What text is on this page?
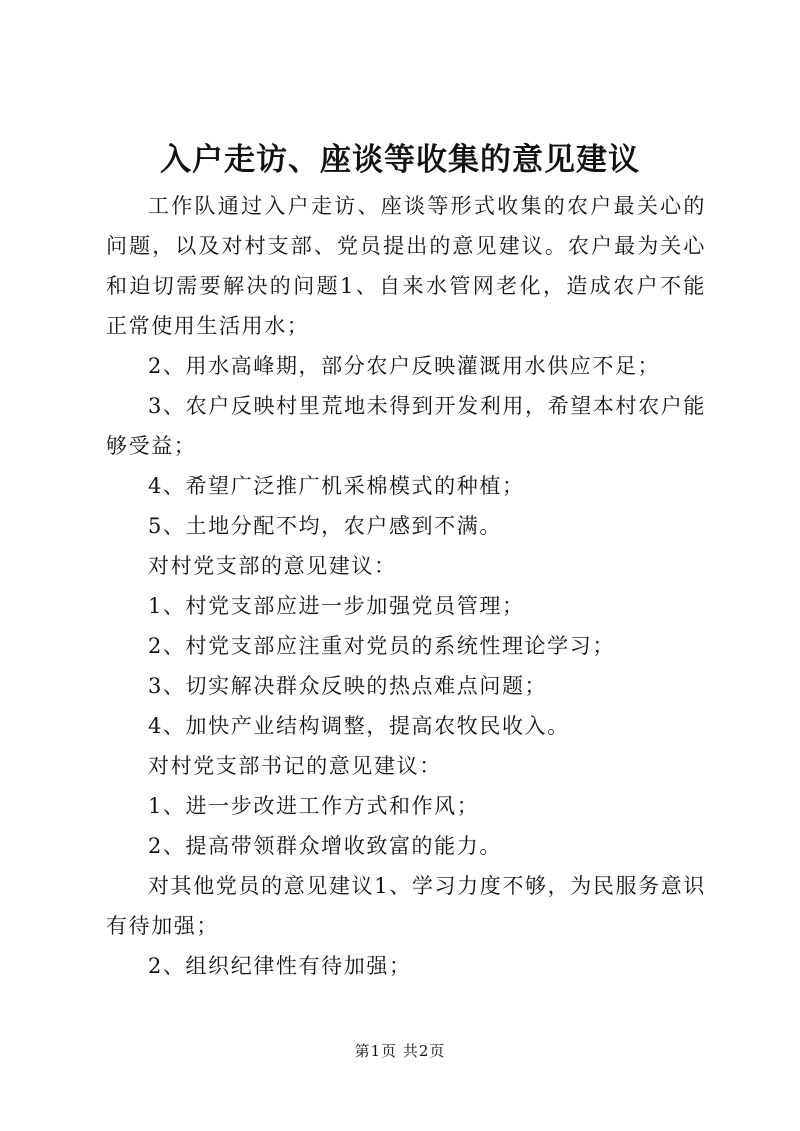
入户走访、座谈等收集的意见建议

工作队通过入户走访、座谈等形式收集的农户最关心的问题，以及对村支部、党员提出的意见建议。农户最为关心和迫切需要解决的问题1、自来水管网老化，造成农户不能正常使用生活用水；

2、用水高峰期，部分农户反映灌溉用水供应不足；

3、农户反映村里荒地未得到开发利用，希望本村农户能够受益；

4、希望广泛推广机采棉模式的种植；

5、土地分配不均，农户感到不满。

对村党支部的意见建议：

1、村党支部应进一步加强党员管理；

2、村党支部应注重对党员的系统性理论学习；

3、切实解决群众反映的热点难点问题；

4、加快产业结构调整，提高农牧民收入。

对村党支部书记的意见建议：

1、进一步改进工作方式和作风；

2、提高带领群众增收致富的能力。

对其他党员的意见建议1、学习力度不够，为民服务意识有待加强；

2、组织纪律性有待加强；

第1页 共2页
